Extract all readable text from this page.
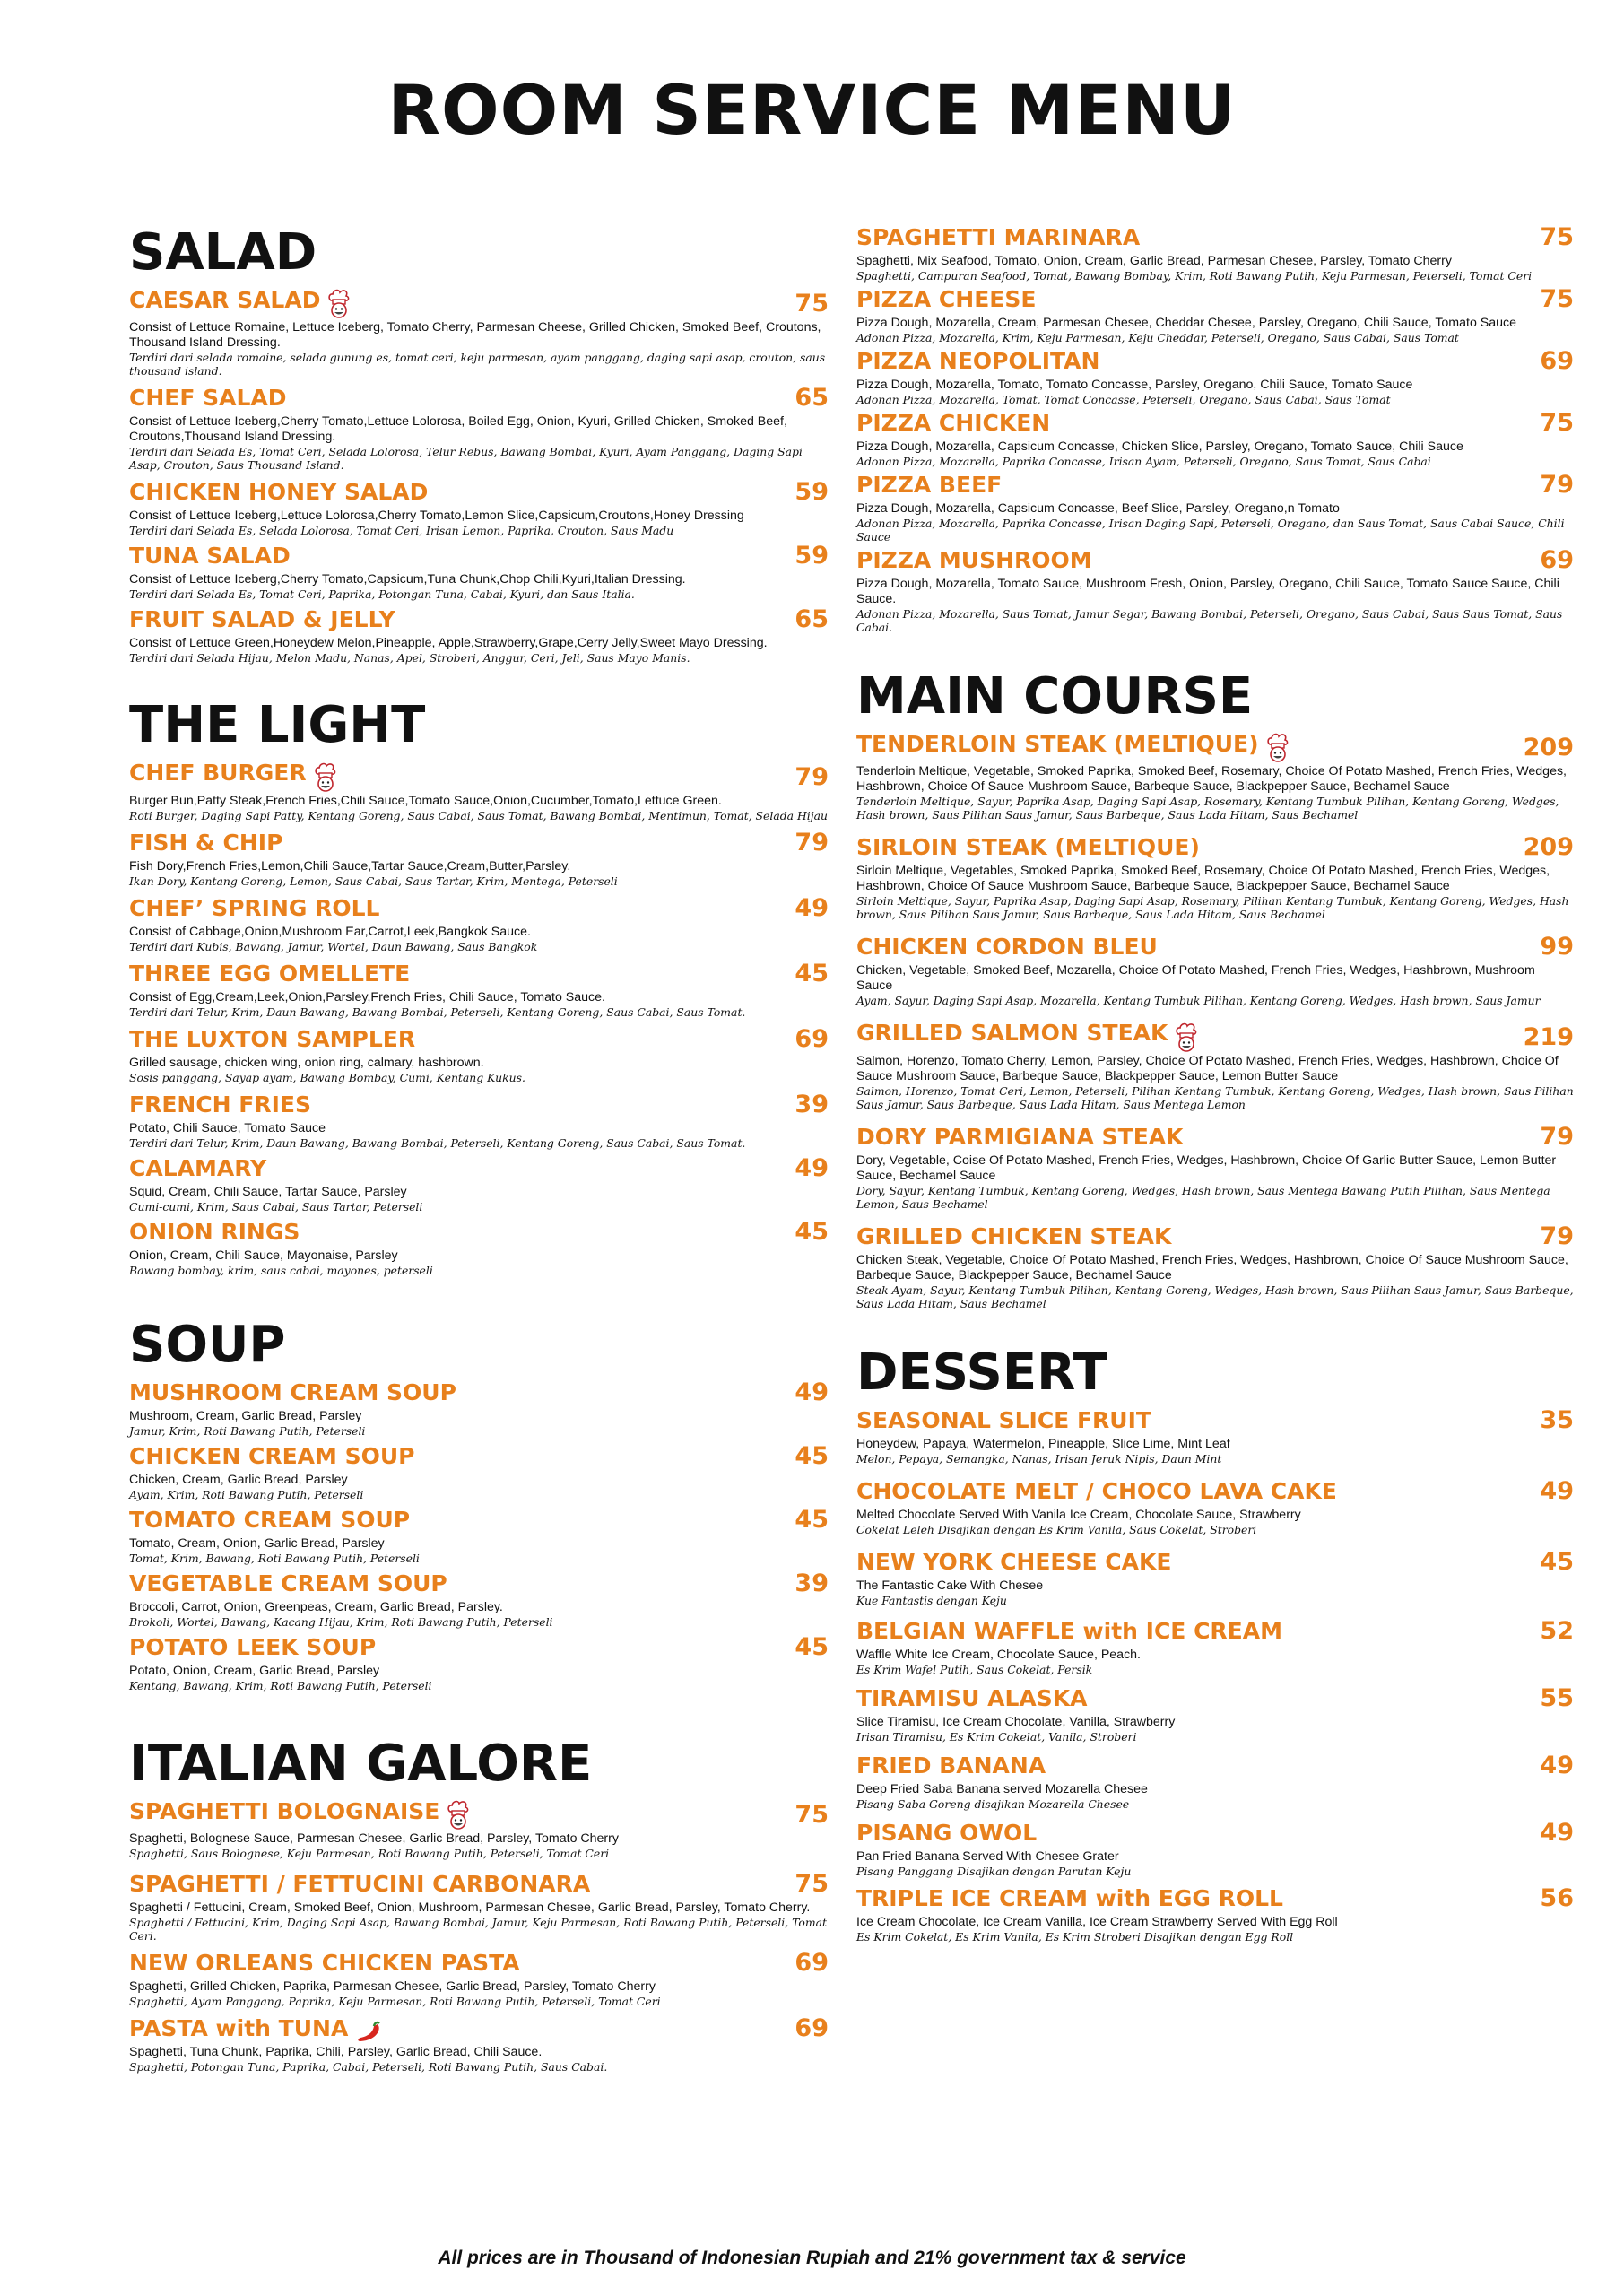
ROOM SERVICE MENU
SALAD
CAESAR SALAD	75

Consist of Lettuce Romaine, Lettuce Iceberg, Tomato Cherry, Parmesan Cheese, Grilled Chicken, Smoked Beef, Croutons, Thousand Island Dressing.

Terdiri dari selada romaine, selada gunung es, tomat ceri, keju parmesan, ayam panggang, daging sapi asap, crouton, saus thousand island.

CHEF SALAD	65

Consist of Lettuce Iceberg,Cherry Tomato,Lettuce Lolorosa, Boiled Egg, Onion, Kyuri, Grilled Chicken, Smoked Beef, Croutons,Thousand Island Dressing.

Terdiri dari Selada Es, Tomat Ceri, Selada Lolorosa, Telur Rebus, Bawang Bombai, Kyuri, Ayam Panggang, Daging Sapi Asap, Crouton, Saus Thousand Island.

CHICKEN HONEY SALAD	59

Consist of Lettuce Iceberg,Lettuce Lolorosa,Cherry Tomato,Lemon Slice,Capsicum,Croutons,Honey Dressing

Terdiri dari Selada Es, Selada Lolorosa, Tomat Ceri, Irisan Lemon, Paprika, Crouton, Saus Madu

TUNA SALAD	59

Consist of Lettuce Iceberg,Cherry Tomato,Capsicum,Tuna Chunk,Chop Chili,Kyuri,Italian Dressing.

Terdiri dari Selada Es, Tomat Ceri, Paprika, Potongan Tuna, Cabai, Kyuri, dan Saus Italia.

FRUIT SALAD & JELLY	65

Consist of Lettuce Green,Honeydew Melon,Pineapple, Apple,Strawberry,Grape,Cerry Jelly,Sweet Mayo Dressing.

Terdiri dari Selada Hijau, Melon Madu, Nanas, Apel, Stroberi, Anggur, Ceri, Jeli, Saus Mayo Manis.

THE LIGHT
CHEF BURGER	79

Burger Bun,Patty Steak,French Fries,Chili Sauce,Tomato Sauce,Onion,Cucumber,Tomato,Lettuce Green.

Roti Burger, Daging Sapi Patty, Kentang Goreng, Saus Cabai, Saus Tomat, Bawang Bombai, Mentimun, Tomat, Selada Hijau

FISH & CHIP	79

Fish Dory,French Fries,Lemon,Chili Sauce,Tartar Sauce,Cream,Butter,Parsley.

Ikan Dory, Kentang Goreng, Lemon, Saus Cabai, Saus Tartar, Krim, Mentega, Peterseli

CHEF’ SPRING ROLL	49

Consist of Cabbage,Onion,Mushroom Ear,Carrot,Leek,Bangkok Sauce.

Terdiri dari Kubis, Bawang, Jamur, Wortel, Daun Bawang, Saus Bangkok

THREE EGG OMELLETE	45

Consist of Egg,Cream,Leek,Onion,Parsley,French Fries, Chili Sauce, Tomato Sauce.

Terdiri dari Telur, Krim, Daun Bawang, Bawang Bombai, Peterseli, Kentang Goreng, Saus Cabai, Saus Tomat.

THE LUXTON SAMPLER	69

Grilled sausage, chicken wing, onion ring, calmary, hashbrown.

Sosis panggang, Sayap ayam, Bawang Bombay, Cumi, Kentang Kukus.

FRENCH FRIES	39

Potato, Chili Sauce, Tomato Sauce

Terdiri dari Telur, Krim, Daun Bawang, Bawang Bombai, Peterseli, Kentang Goreng, Saus Cabai, Saus Tomat.

CALAMARY	49

Squid, Cream, Chili Sauce, Tartar Sauce, Parsley

Cumi-cumi, Krim, Saus Cabai, Saus Tartar, Peterseli

ONION RINGS	45

Onion, Cream, Chili Sauce, Mayonaise, Parsley

Bawang bombay, krim, saus cabai, mayones, peterseli

SOUP
MUSHROOM CREAM SOUP	49

Mushroom, Cream, Garlic Bread, Parsley

Jamur, Krim, Roti Bawang Putih, Peterseli

CHICKEN CREAM SOUP	45

Chicken, Cream, Garlic Bread, Parsley

Ayam, Krim, Roti Bawang Putih, Peterseli

TOMATO CREAM SOUP	45

Tomato, Cream, Onion, Garlic Bread, Parsley

Tomat, Krim, Bawang, Roti Bawang Putih, Peterseli

VEGETABLE CREAM SOUP	39

Broccoli, Carrot, Onion, Greenpeas, Cream, Garlic Bread, Parsley.

Brokoli, Wortel, Bawang, Kacang Hijau, Krim, Roti Bawang Putih, Peterseli

POTATO LEEK SOUP	45

Potato, Onion, Cream, Garlic Bread, Parsley

Kentang, Bawang, Krim, Roti Bawang Putih, Peterseli

ITALIAN GALORE
SPAGHETTI BOLOGNAISE	75

Spaghetti, Bolognese Sauce, Parmesan Chesee, Garlic Bread, Parsley, Tomato Cherry

Spaghetti, Saus Bolognese, Keju Parmesan, Roti Bawang Putih, Peterseli, Tomat Ceri

SPAGHETTI / FETTUCINI CARBONARA	75

Spaghetti / Fettucini, Cream, Smoked Beef, Onion, Mushroom, Parmesan Chesee, Garlic Bread, Parsley, Tomato Cherry.

Spaghetti / Fettucini, Krim, Daging Sapi Asap, Bawang Bombai, Jamur, Keju Parmesan, Roti Bawang Putih, Peterseli, Tomat Ceri.

NEW ORLEANS CHICKEN PASTA	69

Spaghetti, Grilled Chicken, Paprika, Parmesan Chesee, Garlic Bread, Parsley, Tomato Cherry

Spaghetti, Ayam Panggang, Paprika, Keju Parmesan, Roti Bawang Putih, Peterseli, Tomat Ceri

PASTA with TUNA	69

Spaghetti, Tuna Chunk, Paprika, Chili, Parsley, Garlic Bread, Chili Sauce.

Spaghetti, Potongan Tuna, Paprika, Cabai, Peterseli, Roti Bawang Putih, Saus Cabai.

SPAGHETTI MARINARA	75

Spaghetti, Mix Seafood, Tomato, Onion, Cream, Garlic Bread, Parmesan Chesee, Parsley, Tomato Cherry

Spaghetti, Campuran Seafood, Tomat, Bawang Bombay, Krim, Roti Bawang Putih, Keju Parmesan, Peterseli, Tomat Ceri

PIZZA CHEESE	75

Pizza Dough, Mozarella, Cream, Parmesan Chesee, Cheddar Chesee, Parsley, Oregano, Chili Sauce, Tomato Sauce

Adonan Pizza, Mozarella, Krim, Keju Parmesan, Keju Cheddar, Peterseli, Oregano, Saus Cabai, Saus Tomat

PIZZA NEOPOLITAN	69

Pizza Dough, Mozarella, Tomato, Tomato Concasse, Parsley, Oregano, Chili Sauce, Tomato Sauce

Adonan Pizza, Mozarella, Tomat, Tomat Concasse, Peterseli, Oregano, Saus Cabai, Saus Tomat

PIZZA CHICKEN	75

Pizza Dough, Mozarella, Capsicum Concasse, Chicken Slice, Parsley, Oregano, Tomato Sauce, Chili Sauce

Adonan Pizza, Mozarella, Paprika Concasse, Irisan Ayam, Peterseli, Oregano, Saus Tomat, Saus Cabai

PIZZA BEEF	79

Pizza Dough, Mozarella, Capsicum Concasse, Beef Slice, Parsley, Oregano,n Tomato

Adonan Pizza, Mozarella, Paprika Concasse, Irisan Daging Sapi, Peterseli, Oregano, dan Saus Tomat, Saus Cabai Sauce, Chili Sauce

PIZZA MUSHROOM	69

Pizza Dough, Mozarella, Tomato Sauce, Mushroom Fresh, Onion, Parsley, Oregano, Chili Sauce, Tomato Sauce Sauce, Chili Sauce.

Adonan Pizza, Mozarella, Saus Tomat, Jamur Segar, Bawang Bombai, Peterseli, Oregano, Saus Cabai, Saus Saus Tomat, Saus Cabai.

MAIN COURSE
TENDERLOIN STEAK (MELTIQUE)	209

Tenderloin Meltique, Vegetable, Smoked Paprika, Smoked Beef, Rosemary, Choice Of Potato Mashed, French Fries, Wedges, Hashbrown, Choice Of Sauce Mushroom Sauce, Barbeque Sauce, Blackpepper Sauce, Bechamel Sauce

Tenderloin Meltique, Sayur, Paprika Asap, Daging Sapi Asap, Rosemary, Kentang Tumbuk Pilihan, Kentang Goreng, Wedges, Hash brown, Saus Pilihan Saus Jamur, Saus Barbeque, Saus Lada Hitam, Saus Bechamel

SIRLOIN STEAK (MELTIQUE)	209

Sirloin Meltique, Vegetables, Smoked Paprika, Smoked Beef, Rosemary, Choice Of Potato Mashed, French Fries, Wedges, Hashbrown, Choice Of Sauce Mushroom Sauce, Barbeque Sauce, Blackpepper Sauce, Bechamel Sauce

Sirloin Meltique, Sayur, Paprika Asap, Daging Sapi Asap, Rosemary, Pilihan Kentang Tumbuk, Kentang Goreng, Wedges, Hash brown, Saus Pilihan Saus Jamur, Saus Barbeque, Saus Lada Hitam, Saus Bechamel

CHICKEN CORDON BLEU	99

Chicken, Vegetable, Smoked Beef, Mozarella, Choice Of Potato Mashed, French Fries, Wedges, Hashbrown, Mushroom Sauce

Ayam, Sayur, Daging Sapi Asap, Mozarella, Kentang Tumbuk Pilihan, Kentang Goreng, Wedges, Hash brown, Saus Jamur

GRILLED SALMON STEAK	219

Salmon, Horenzo, Tomato Cherry, Lemon, Parsley, Choice Of Potato Mashed, French Fries, Wedges, Hashbrown, Choice Of Sauce Mushroom Sauce, Barbeque Sauce, Blackpepper Sauce, Lemon Butter Sauce

Salmon, Horenzo, Tomat Ceri, Lemon, Peterseli, Pilihan Kentang Tumbuk, Kentang Goreng, Wedges, Hash brown, Saus Pilihan Saus Jamur, Saus Barbeque, Saus Lada Hitam, Saus Mentega Lemon

DORY PARMIGIANA STEAK	79

Dory, Vegetable, Coise Of Potato Mashed, French Fries, Wedges, Hashbrown, Choice Of Garlic Butter Sauce, Lemon Butter Sauce, Bechamel Sauce

Dory, Sayur, Kentang Tumbuk, Kentang Goreng, Wedges, Hash brown, Saus Mentega Bawang Putih Pilihan, Saus Mentega Lemon, Saus Bechamel

GRILLED CHICKEN STEAK	79

Chicken Steak, Vegetable, Choice Of Potato Mashed, French Fries, Wedges, Hashbrown, Choice Of Sauce Mushroom Sauce, Barbeque Sauce, Blackpepper Sauce, Bechamel Sauce

Steak Ayam, Sayur, Kentang Tumbuk Pilihan, Kentang Goreng, Wedges, Hash brown, Saus Pilihan Saus Jamur, Saus Barbeque, Saus Lada Hitam, Saus Bechamel

DESSERT
SEASONAL SLICE FRUIT	35

Honeydew, Papaya, Watermelon, Pineapple, Slice Lime, Mint Leaf

Melon, Pepaya, Semangka, Nanas, Irisan Jeruk Nipis, Daun Mint

CHOCOLATE MELT / CHOCO LAVA CAKE	49

Melted Chocolate Served With Vanila Ice Cream, Chocolate Sauce, Strawberry

Cokelat Leleh Disajikan dengan Es Krim Vanila, Saus Cokelat, Stroberi

NEW YORK CHEESE CAKE	45

The Fantastic Cake With Chesee

Kue Fantastis dengan Keju

BELGIAN WAFFLE with ICE CREAM	52

Waffle White Ice Cream, Chocolate Sauce, Peach.

Es Krim Wafel Putih, Saus Cokelat, Persik

TIRAMISU ALASKA	55

Slice Tiramisu, Ice Cream Chocolate, Vanilla, Strawberry

Irisan Tiramisu, Es Krim Cokelat, Vanila, Stroberi

FRIED BANANA	49

Deep Fried Saba Banana served Mozarella Chesee

Pisang Saba Goreng disajikan Mozarella Chesee

PISANG OWOL	49

Pan Fried Banana Served With Chesee Grater

Pisang Panggang Disajikan dengan Parutan Keju

TRIPLE ICE CREAM with EGG ROLL	56

Ice Cream Chocolate, Ice Cream Vanilla, Ice Cream Strawberry Served With Egg Roll

Es Krim Cokelat, Es Krim Vanila, Es Krim Stroberi Disajikan dengan Egg Roll

All prices are in Thousand of Indonesian Rupiah and 21% government tax & service
